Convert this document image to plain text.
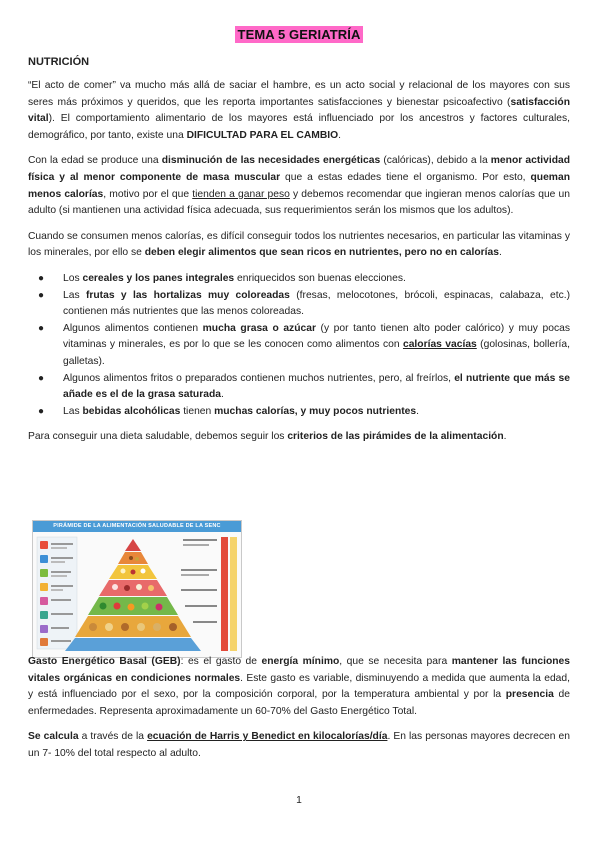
TEMA 5 GERIATRÍA
NUTRICIÓN

“El acto de comer” va mucho más allá de saciar el hambre, es un acto social y relacional de los mayores con sus seres más próximos y queridos, que les reporta importantes satisfacciones y bienestar psicoafectivo (satisfacción vital). El comportamiento alimentario de los mayores está influenciado por los ancestros y factores culturales, demográfico, por tanto, existe una DIFICULTAD PARA EL CAMBIO.

Con la edad se produce una disminución de las necesidades energéticas (calóricas), debido a la menor actividad física y al menor componente de masa muscular que a estas edades tiene el organismo. Por esto, queman menos calorías, motivo por el que tienden a ganar peso y debemos recomendar que ingieran menos calorías que un adulto (si mantienen una actividad física adecuada, sus requerimientos serán los mismos que los adultos).

Cuando se consumen menos calorías, es difícil conseguir todos los nutrientes necesarios, en particular las vitaminas y los minerales, por ello se deben elegir alimentos que sean ricos en nutrientes, pero no en calorías.

● Los cereales y los panes integrales enriquecidos son buenas elecciones.
● Las frutas y las hortalizas muy coloreadas (fresas, melocotones, brócoli, espinacas, calabaza, etc.) contienen más nutrientes que las menos coloreadas.
● Algunos alimentos contienen mucha grasa o azúcar (y por tanto tienen alto poder calórico) y muy pocas vitaminas y minerales, es por lo que se les conocen como alimentos con calorías vacías (golosinas, bollería, galletas).
● Algunos alimentos fritos o preparados contienen muchos nutrientes, pero, al freírlos, el nutriente que más se añade es el de la grasa saturada.
● Las bebidas alcohólicas tienen muchas calorías, y muy pocos nutrientes.

Para conseguir una dieta saludable, debemos seguir los criterios de las pirámides de la alimentación.

PIRÁMIDE DE LA ALIMENTACIÓN SALUDABLE DE LA SENC

Gasto Energético Basal (GEB): es el gasto de energía mínimo, que se necesita para mantener las funciones vitales orgánicas en condiciones normales. Este gasto es variable, disminuyendo a medida que aumenta la edad, y está influenciado por el sexo, por la composición corporal, por la temperatura ambiental y por la presencia de enfermedades. Representa aproximadamente un 60-70% del Gasto Energético Total.

Se calcula a través de la ecuación de Harris y Benedict en kilocalorías/día. En las personas mayores decrecen en un 7- 10% del total respecto al adulto.

1
